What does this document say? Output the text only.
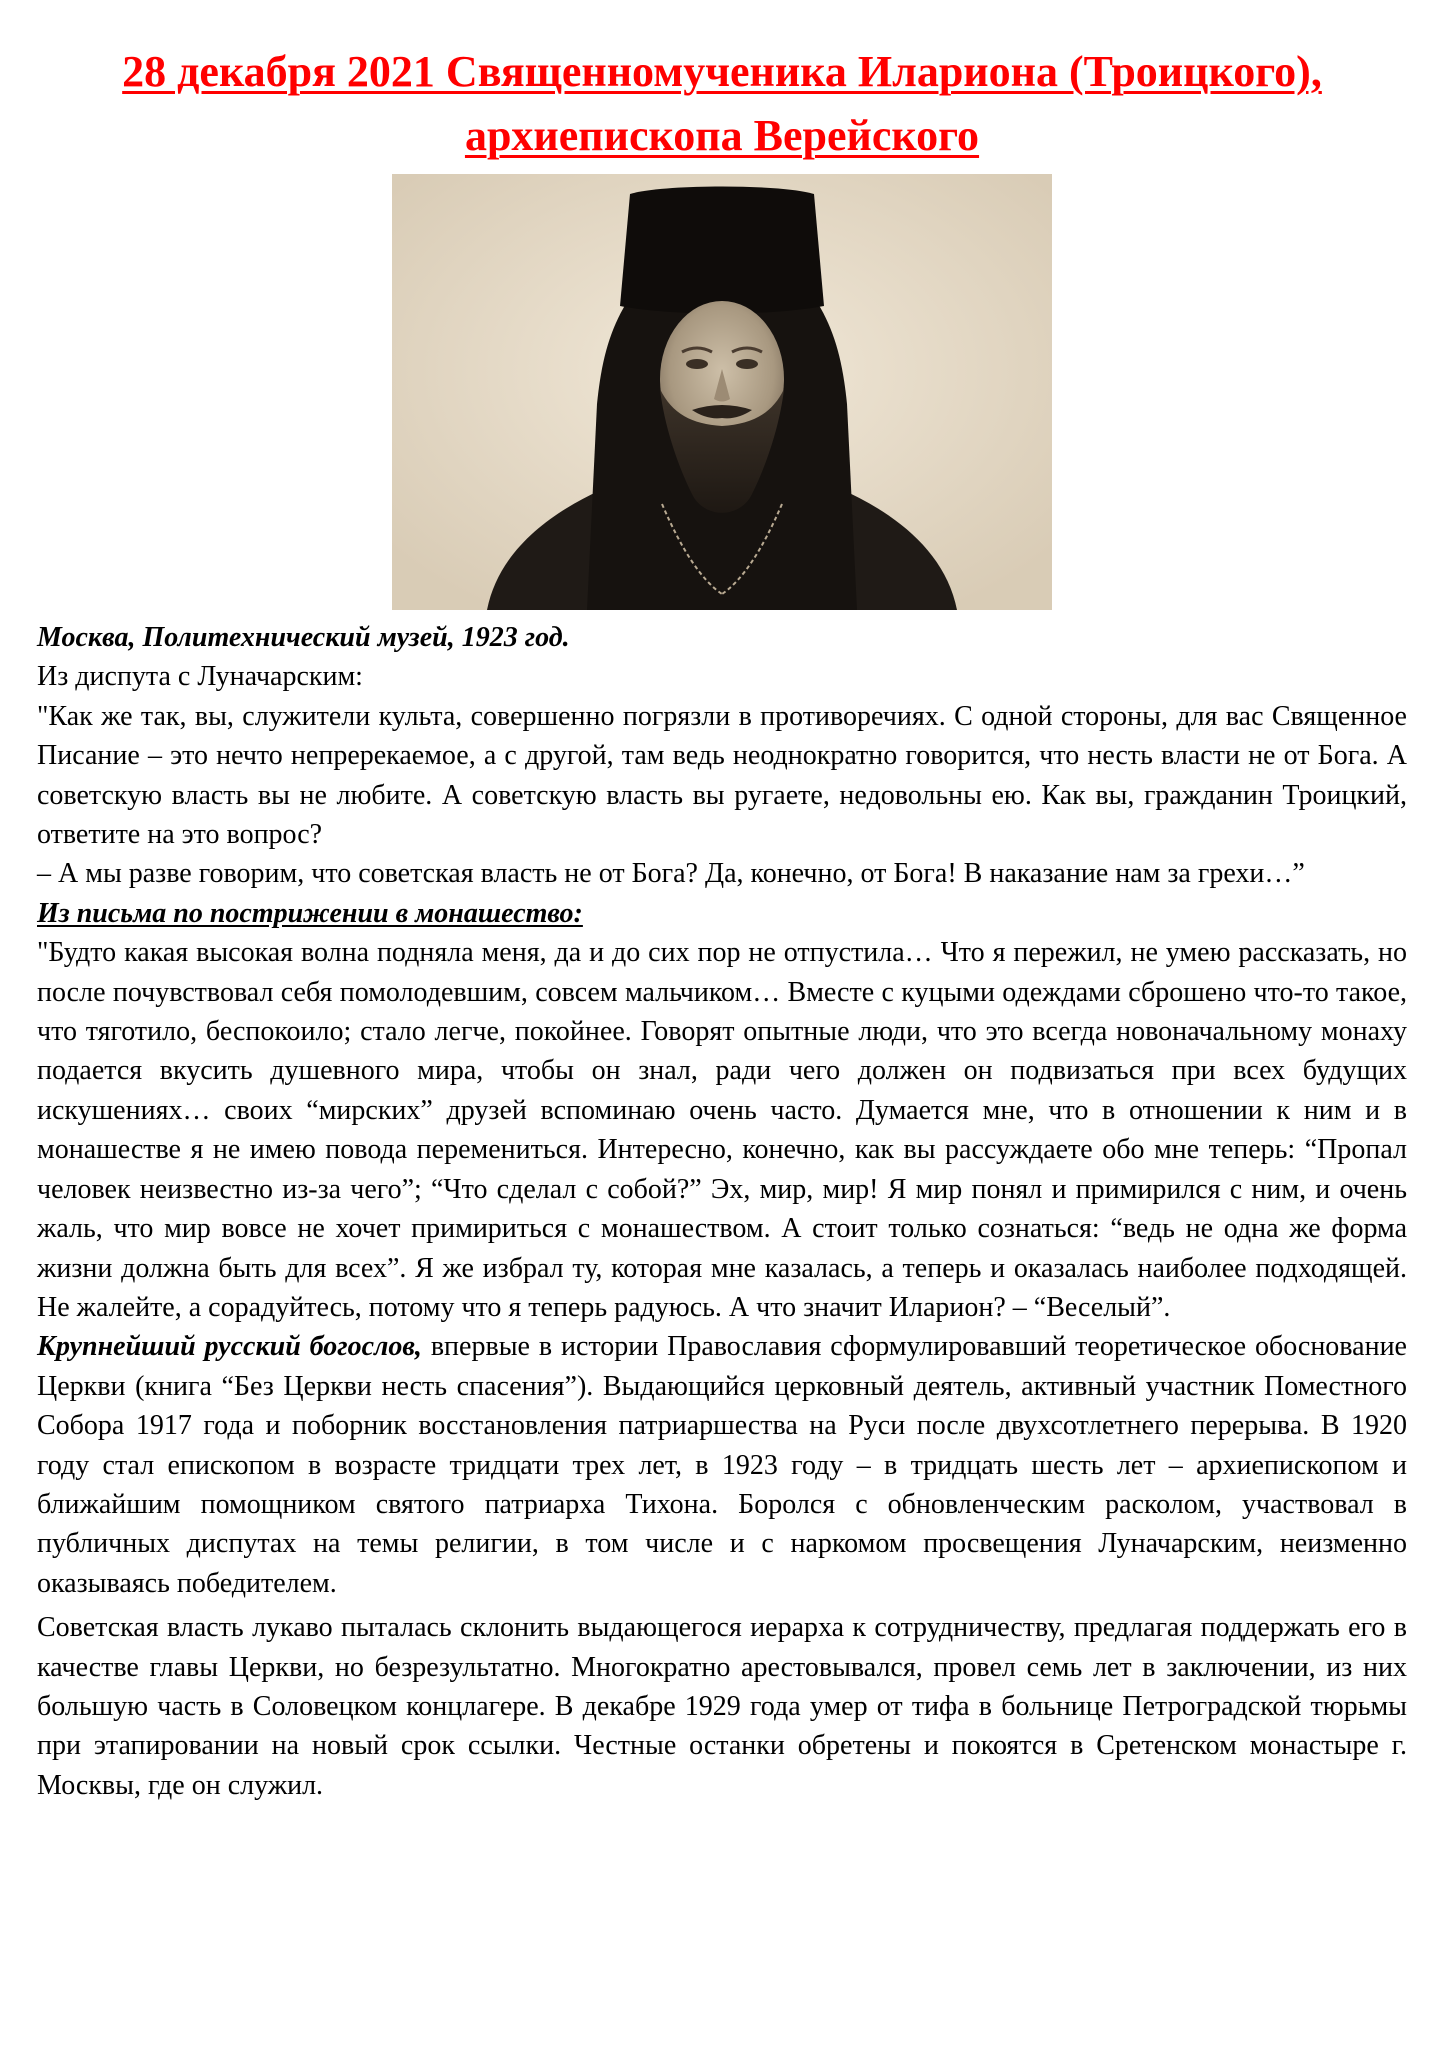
28 декабря 2021 Священномученика Илариона (Троицкого), архиепископа Верейского

Москва, Политехнический музей, 1923 год.

Из диспута с Луначарским:

"Как же так, вы, служители культа, совершенно погрязли в противоречиях. С одной стороны, для вас Священное Писание – это нечто непререкаемое, а с другой, там ведь неоднократно говорится, что несть власти не от Бога. А советскую власть вы не любите. А советскую власть вы ругаете, недовольны ею. Как вы, гражданин Троицкий, ответите на это вопрос?

– А мы разве говорим, что советская власть не от Бога? Да, конечно, от Бога! В наказание нам за грехи…”

Из письма по пострижении в монашество:

"Будто какая высокая волна подняла меня, да и до сих пор не отпустила… Что я пережил, не умею рассказать, но после почувствовал себя помолодевшим, совсем мальчиком… Вместе с куцыми одеждами сброшено что-то такое, что тяготило, беспокоило; стало легче, покойнее. Говорят опытные люди, что это всегда новоначальному монаху подается вкусить душевного мира, чтобы он знал, ради чего должен он подвизаться при всех будущих искушениях… своих “мирских” друзей вспоминаю очень часто. Думается мне, что в отношении к ним и в монашестве я не имею повода перемениться. Интересно, конечно, как вы рассуждаете обо мне теперь: “Пропал человек неизвестно из-за чего”; “Что сделал с собой?” Эх, мир, мир! Я мир понял и примирился с ним, и очень жаль, что мир вовсе не хочет примириться с монашеством. А стоит только сознаться: “ведь не одна же форма жизни должна быть для всех”. Я же избрал ту, которая мне казалась, а теперь и оказалась наиболее подходящей. Не жалейте, а сорадуйтесь, потому что я теперь радуюсь. А что значит Иларион? – “Веселый”.

Крупнейший русский богослов, впервые в истории Православия сформулировавший теоретическое обоснование Церкви (книга “Без Церкви несть спасения”). Выдающийся церковный деятель, активный участник Поместного Собора 1917 года и поборник восстановления патриаршества на Руси после двухсотлетнего перерыва. В 1920 году стал епископом в возрасте тридцати трех лет, в 1923 году – в тридцать шесть лет – архиепископом и ближайшим помощником святого патриарха Тихона. Боролся с обновленческим расколом, участвовал в публичных диспутах на темы религии, в том числе и с наркомом просвещения Луначарским, неизменно оказываясь победителем.

Советская власть лукаво пыталась склонить выдающегося иерарха к сотрудничеству, предлагая поддержать его в качестве главы Церкви, но безрезультатно. Многократно арестовывался, провел семь лет в заключении, из них большую часть в Соловецком концлагере. В декабре 1929 года умер от тифа в больнице Петроградской тюрьмы при этапировании на новый срок ссылки. Честные останки обретены и покоятся в Сретенском монастыре г. Москвы, где он служил.
